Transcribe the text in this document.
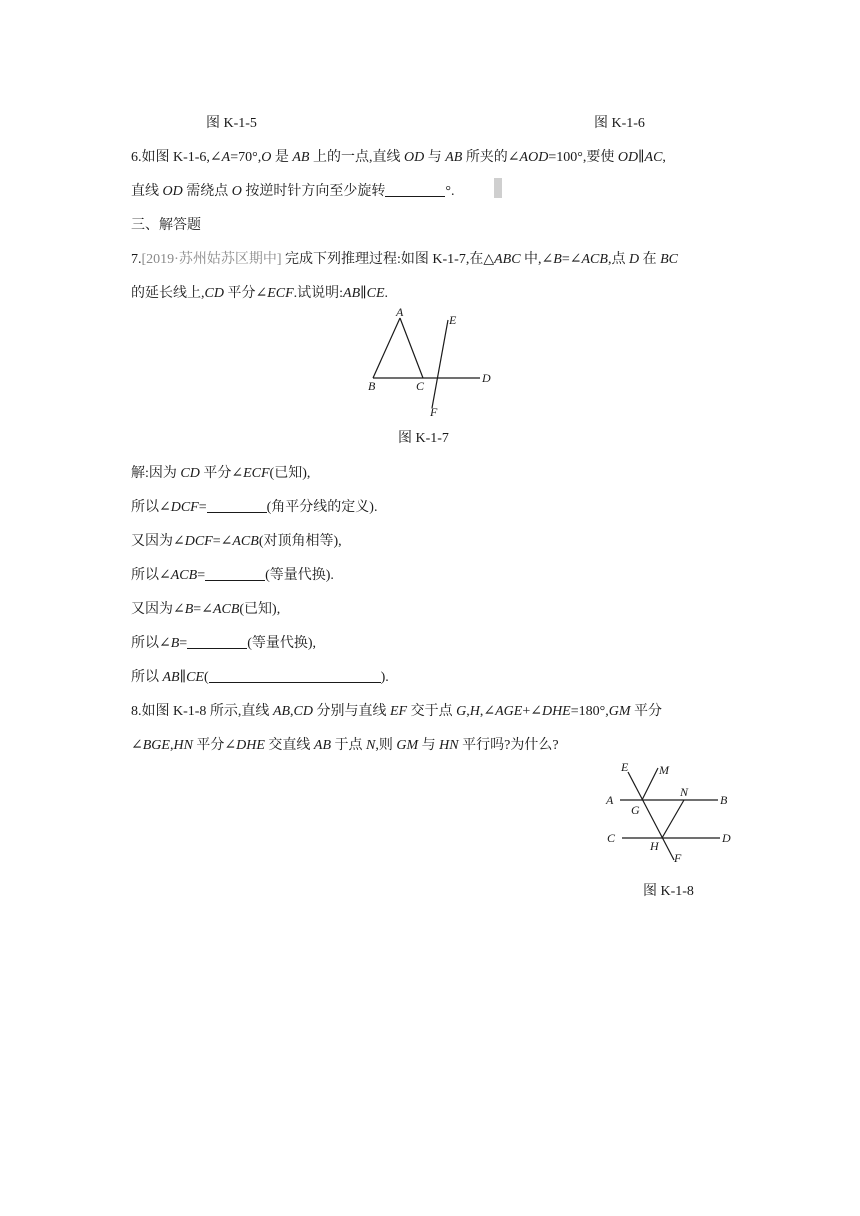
图 K-1-5	图 K-1-6
6.如图 K-1-6,∠A=70°,O 是 AB 上的一点,直线 OD 与 AB 所夹的∠AOD=100°,要使 OD∥AC,
直线 OD 需绕点 O 按逆时针方向至少旋转	°.
三、解答题
7.[2019·苏州姑苏区期中] 完成下列推理过程:如图 K-1-7,在△ABC 中,∠B=∠ACB,点 D 在 BC
的延长线上,CD 平分∠ECF.试说明:AB∥CE.
A
B	C
D
E
F
图 K-1-7
解:因为 CD 平分∠ECF(已知),
所以∠DCF=	(角平分线的定义).
又因为∠DCF=∠ACB(对顶角相等),
所以∠ACB=	(等量代换).
又因为∠B=∠ACB(已知),
所以∠B=	(等量代换),
所以 AB∥CE(	).
8.如图 K-1-8 所示,直线 AB,CD 分别与直线 EF 交于点 G,H,∠AGE+∠DHE=180°,GM 平分
∠BGE,HN 平分∠DHE 交直线 AB 于点 N,则 GM 与 HN 平行吗?为什么?
E	M
A
G
N
B
C
H
D
F
图 K-1-8
